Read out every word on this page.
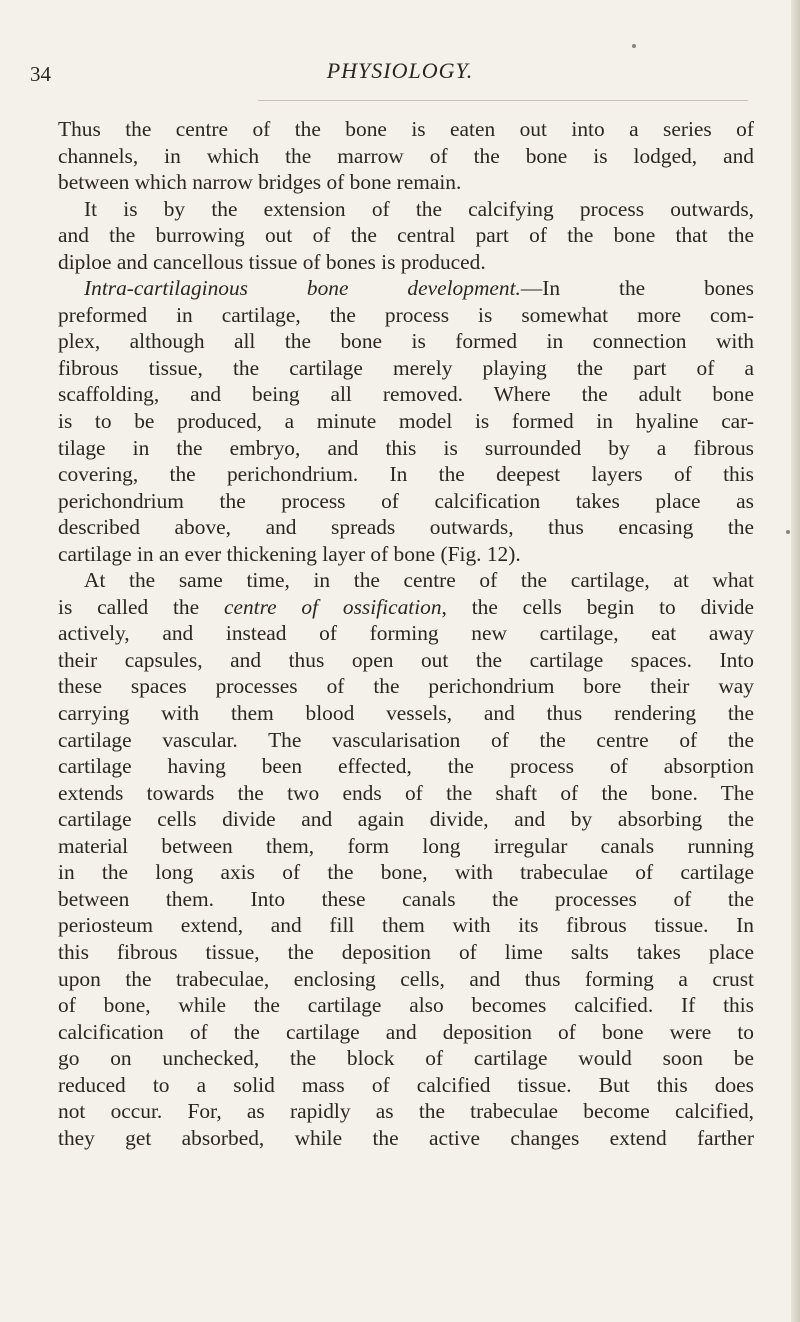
34	PHYSIOLOGY.
Thus the centre of the bone is eaten out into a series of
channels, in which the marrow of the bone is lodged, and
between which narrow bridges of bone remain.
It is by the extension of the calcifying process outwards,
and the burrowing out of the central part of the bone that the
diploe and cancellous tissue of bones is produced.
Intra-cartilaginous bone development.—In the bones
preformed in cartilage, the process is somewhat more com-
plex, although all the bone is formed in connection with
fibrous tissue, the cartilage merely playing the part of a
scaffolding, and being all removed. Where the adult bone
is to be produced, a minute model is formed in hyaline car-
tilage in the embryo, and this is surrounded by a fibrous
covering, the perichondrium. In the deepest layers of this
perichondrium the process of calcification takes place as
described above, and spreads outwards, thus encasing the
cartilage in an ever thickening layer of bone (Fig. 12).
At the same time, in the centre of the cartilage, at what
is called the centre of ossification, the cells begin to divide
actively, and instead of forming new cartilage, eat away
their capsules, and thus open out the cartilage spaces. Into
these spaces processes of the perichondrium bore their way
carrying with them blood vessels, and thus rendering the
cartilage vascular. The vascularisation of the centre of the
cartilage having been effected, the process of absorption
extends towards the two ends of the shaft of the bone. The
cartilage cells divide and again divide, and by absorbing the
material between them, form long irregular canals running
in the long axis of the bone, with trabeculae of cartilage
between them. Into these canals the processes of the
periosteum extend, and fill them with its fibrous tissue. In
this fibrous tissue, the deposition of lime salts takes place
upon the trabeculae, enclosing cells, and thus forming a crust
of bone, while the cartilage also becomes calcified. If this
calcification of the cartilage and deposition of bone were to
go on unchecked, the block of cartilage would soon be
reduced to a solid mass of calcified tissue. But this does
not occur. For, as rapidly as the trabeculae become calcified,
they get absorbed, while the active changes extend farther
